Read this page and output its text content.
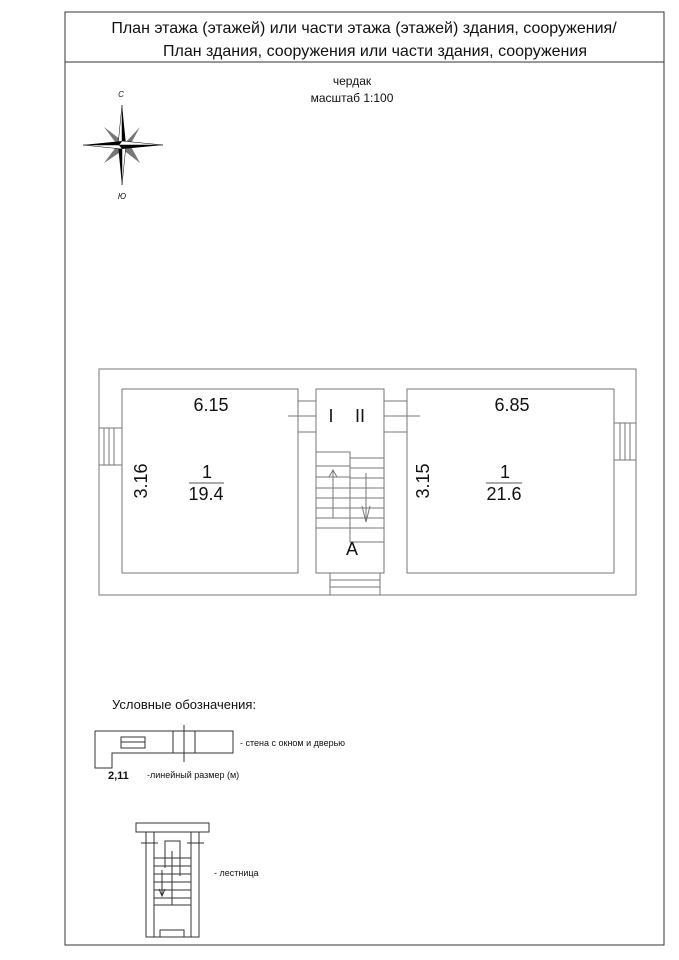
План этажа (этажей) или части этажа (этажей) здания, сооружения/
План здания, сооружения или части здания, сооружения
чердак
масштаб 1:100
С
Ю
6.15
3.16	1
19.4
6.85
3.15	1
21.6
I II
А
Условные обозначения:
- стена с окном и дверью
2,11 -линейный размер (м)
- лестница
